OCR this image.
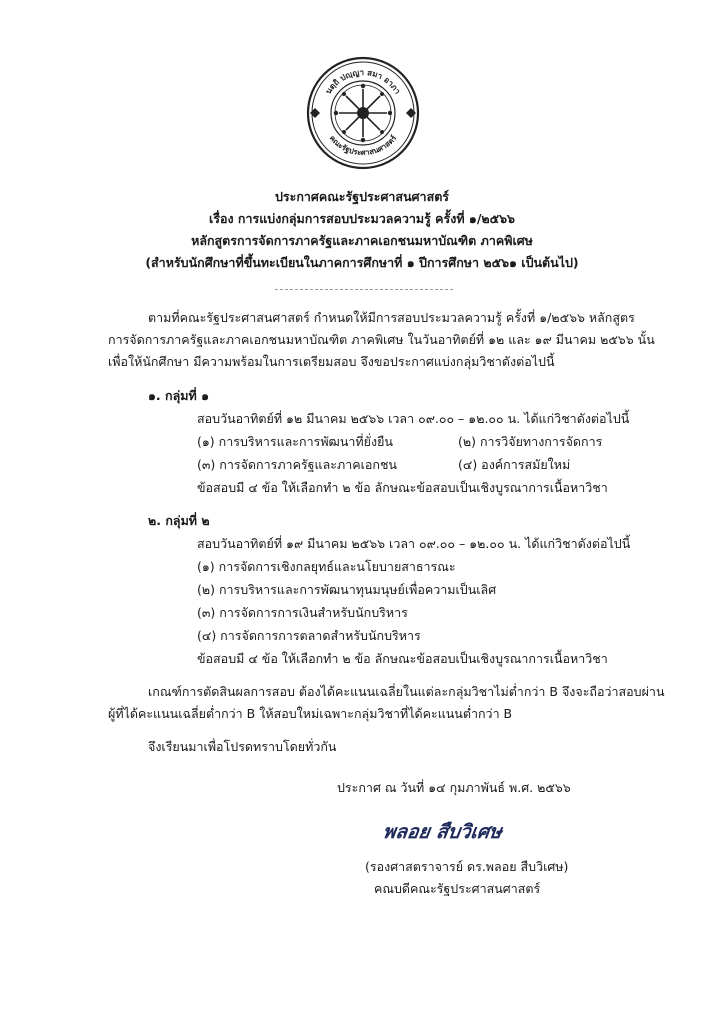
นตฺถิ ปญฺญา สมา อาภา
คณะรัฐประศาสนศาสตร์
ประกาศคณะรัฐประศาสนศาสตร์
เรื่อง การแบ่งกลุ่มการสอบประมวลความรู้ ครั้งที่ ๑/๒๕๖๖
หลักสูตรการจัดการภาครัฐและภาคเอกชนมหาบัณฑิต ภาคพิเศษ
(สำหรับนักศึกษาที่ขึ้นทะเบียนในภาคการศึกษาที่ ๑ ปีการศึกษา ๒๕๖๑ เป็นต้นไป)
ตามที่คณะรัฐประศาสนศาสตร์ กำหนดให้มีการสอบประมวลความรู้ ครั้งที่ ๑/๒๕๖๖ หลักสูตร
การจัดการภาครัฐและภาคเอกชนมหาบัณฑิต ภาคพิเศษ ในวันอาทิตย์ที่ ๑๒ และ ๑๙ มีนาคม ๒๕๖๖ นั้น
เพื่อให้นักศึกษา มีความพร้อมในการเตรียมสอบ จึงขอประกาศแบ่งกลุ่มวิชาดังต่อไปนี้
๑. กลุ่มที่ ๑
สอบวันอาทิตย์ที่ ๑๒ มีนาคม ๒๕๖๖ เวลา ๐๙.๐๐ – ๑๒.๐๐ น. ได้แก่วิชาดังต่อไปนี้
(๑) การบริหารและการพัฒนาที่ยั่งยืน	(๒) การวิจัยทางการจัดการ
(๓) การจัดการภาครัฐและภาคเอกชน	(๔) องค์การสมัยใหม่
ข้อสอบมี ๔ ข้อ ให้เลือกทำ ๒ ข้อ ลักษณะข้อสอบเป็นเชิงบูรณาการเนื้อหาวิชา
๒. กลุ่มที่ ๒
สอบวันอาทิตย์ที่ ๑๙ มีนาคม ๒๕๖๖ เวลา ๐๙.๐๐ – ๑๒.๐๐ น. ได้แก่วิชาดังต่อไปนี้
(๑) การจัดการเชิงกลยุทธ์และนโยบายสาธารณะ
(๒) การบริหารและการพัฒนาทุนมนุษย์เพื่อความเป็นเลิศ
(๓) การจัดการการเงินสำหรับนักบริหาร
(๔) การจัดการการตลาดสำหรับนักบริหาร
ข้อสอบมี ๔ ข้อ ให้เลือกทำ ๒ ข้อ ลักษณะข้อสอบเป็นเชิงบูรณาการเนื้อหาวิชา
เกณฑ์การตัดสินผลการสอบ ต้องได้คะแนนเฉลี่ยในแต่ละกลุ่มวิชาไม่ต่ำกว่า B จึงจะถือว่าสอบผ่าน
ผู้ที่ได้คะแนนเฉลี่ยต่ำกว่า B ให้สอบใหม่เฉพาะกลุ่มวิชาที่ได้คะแนนต่ำกว่า B
จึงเรียนมาเพื่อโปรดทราบโดยทั่วกัน
ประกาศ ณ วันที่ ๑๔ กุมภาพันธ์ พ.ศ. ๒๕๖๖
พลอย สืบวิเศษ
(รองศาสตราจารย์ ดร.พลอย สืบวิเศษ)
คณบดีคณะรัฐประศาสนศาสตร์
